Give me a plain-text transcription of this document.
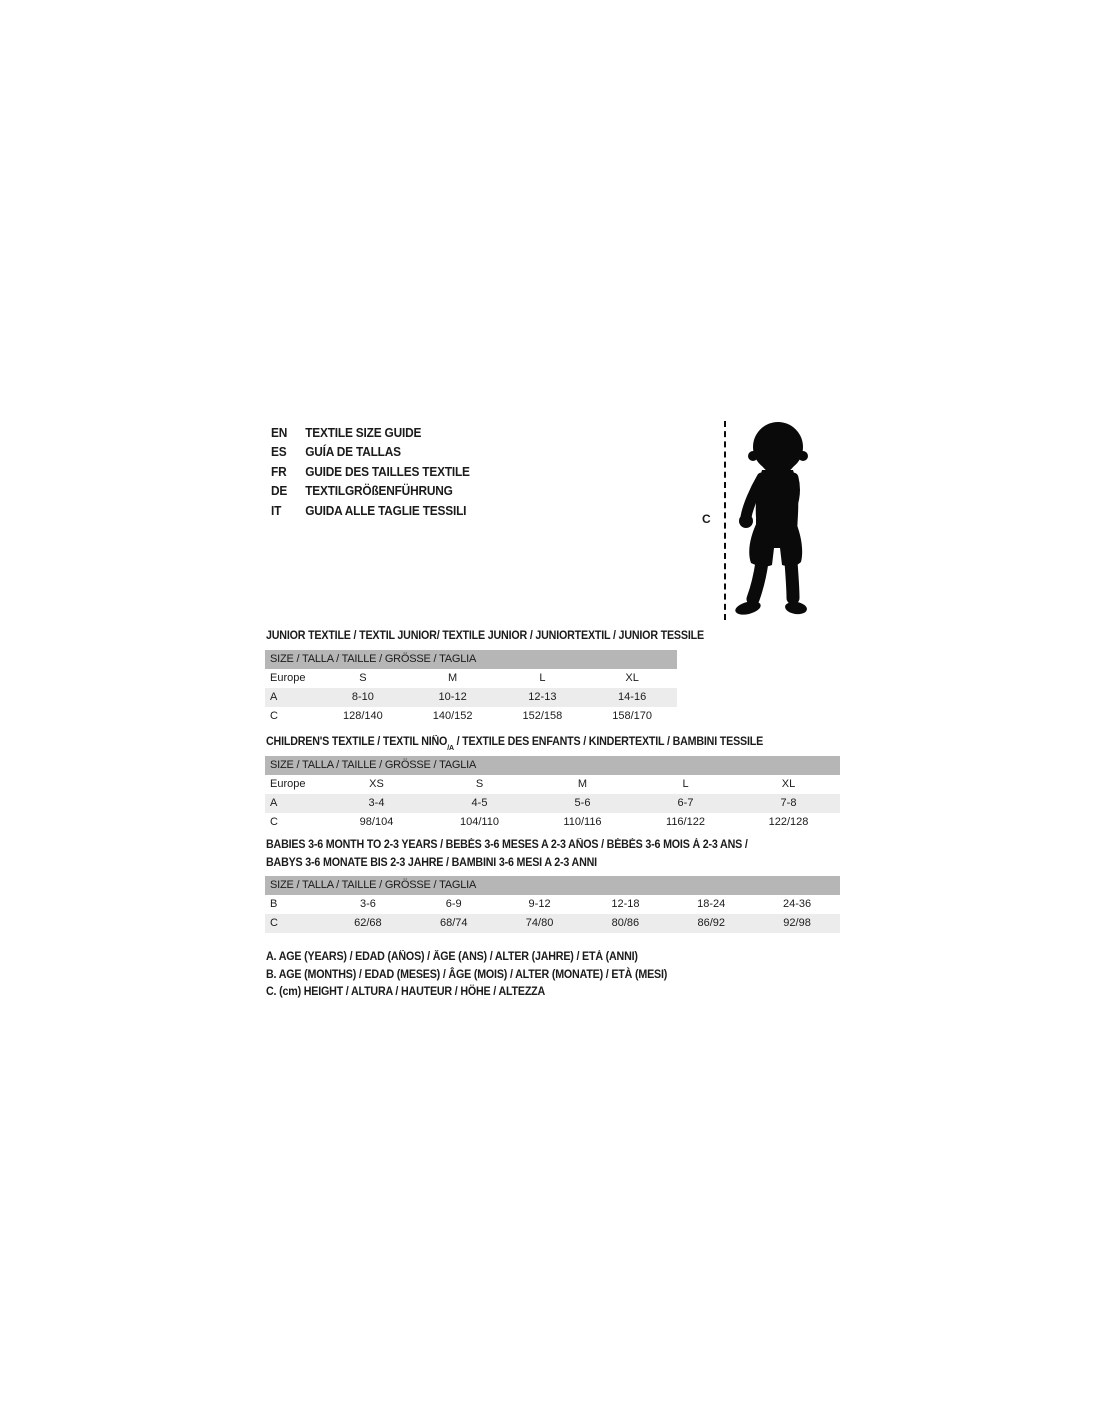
EN	TEXTILE SIZE GUIDE
ES	GUÍA DE TALLAS
FR	GUIDE DES TAILLES TEXTILE
DE	TEXTILGRÖßENFÜHRUNG
IT	GUIDA ALLE TAGLIE TESSILI
C
JUNIOR TEXTILE / TEXTIL JUNIOR/ TEXTILE JUNIOR / JUNIORTEXTIL / JUNIOR TESSILE
SIZE / TALLA / TAILLE / GRÖSSE / TAGLIA
Europe	S	M	L	XL
A	8-10	10-12	12-13	14-16
C	128/140	140/152	152/158	158/170
CHILDREN'S TEXTILE / TEXTIL $NIÑO_{/A}$ / TEXTILE DES ENFANTS / KINDERTEXTIL / BAMBINI TESSILE
SIZE / TALLA / TAILLE / GRÖSSE / TAGLIA
Europe	XS	S	M	L	XL
A	3-4	4-5	5-6	6-7	7-8
C	98/104	104/110	110/116	116/122	122/128
BABIES 3-6 MONTH TO 2-3 YEARS / BEBÉS 3-6 MESES A 2-3 AÑOS / BÉBÉS 3-6 MOIS À 2-3 ANS /
BABYS 3-6 MONATE BIS 2-3 JAHRE / BAMBINI 3-6 MESI A 2-3 ANNI
SIZE / TALLA / TAILLE / GRÖSSE / TAGLIA
B	3-6	6-9	9-12	12-18	18-24	24-36
C	62/68	68/74	74/80	80/86	86/92	92/98
A. AGE (YEARS) / EDAD (AÑOS) / ÂGE (ANS) / ALTER (JAHRE) / ETÀ (ANNI)
B. AGE (MONTHS) / EDAD (MESES) / ÂGE (MOIS) / ALTER (MONATE) / ETÀ (MESI)
C. (cm) HEIGHT / ALTURA / HAUTEUR / HÖHE / ALTEZZA
